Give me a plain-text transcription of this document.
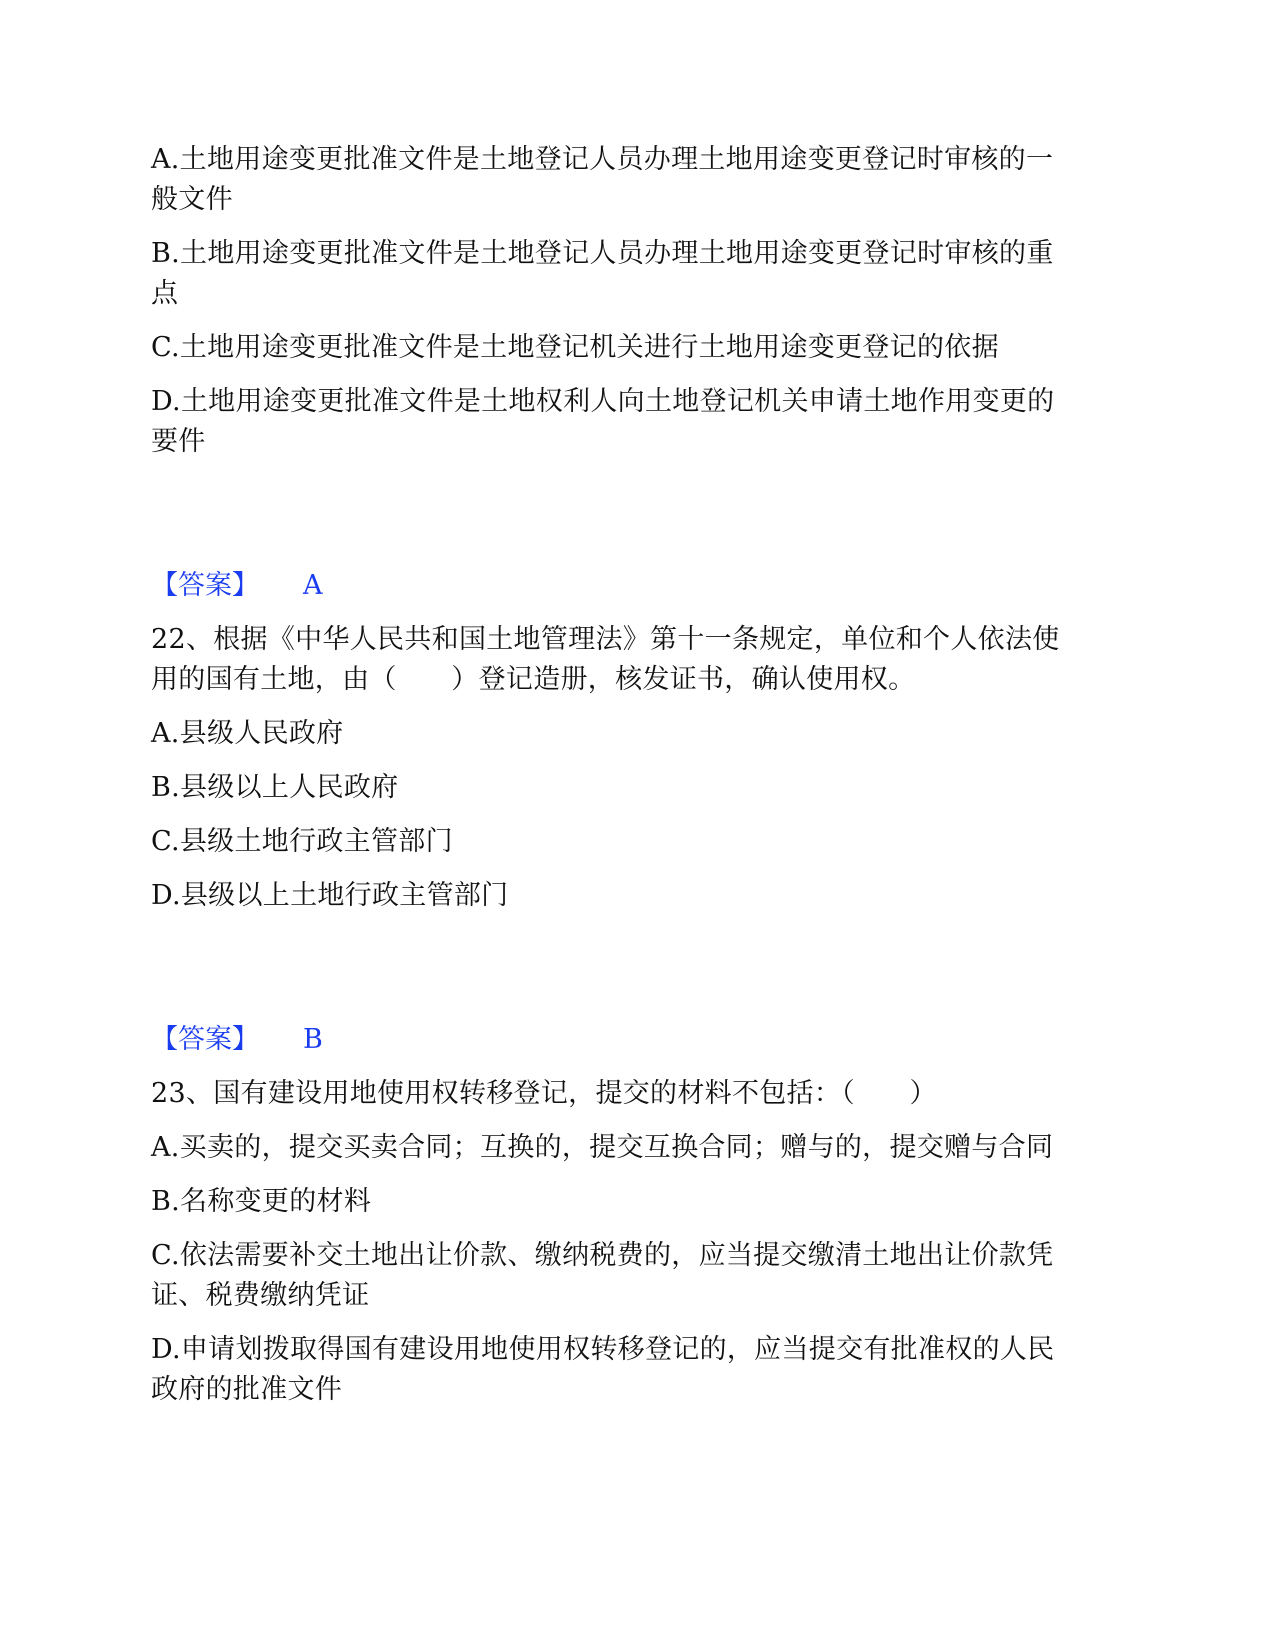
A.土地用途变更批准文件是土地登记人员办理土地用途变更登记时审核的一
般文件
B.土地用途变更批准文件是土地登记人员办理土地用途变更登记时审核的重
点
C.土地用途变更批准文件是土地登记机关进行土地用途变更登记的依据
D.土地用途变更批准文件是土地权利人向土地登记机关申请土地作用变更的
要件
【答案】 A
22、根据《中华人民共和国土地管理法》第十一条规定，单位和个人依法使
用的国有土地，由（　　）登记造册，核发证书，确认使用权。
A.县级人民政府
B.县级以上人民政府
C.县级土地行政主管部门
D.县级以上土地行政主管部门
【答案】 B
23、国有建设用地使用权转移登记，提交的材料不包括：（　　）
A.买卖的，提交买卖合同；互换的，提交互换合同；赠与的，提交赠与合同
B.名称变更的材料
C.依法需要补交土地出让价款、缴纳税费的，应当提交缴清土地出让价款凭
证、税费缴纳凭证
D.申请划拨取得国有建设用地使用权转移登记的，应当提交有批准权的人民
政府的批准文件
